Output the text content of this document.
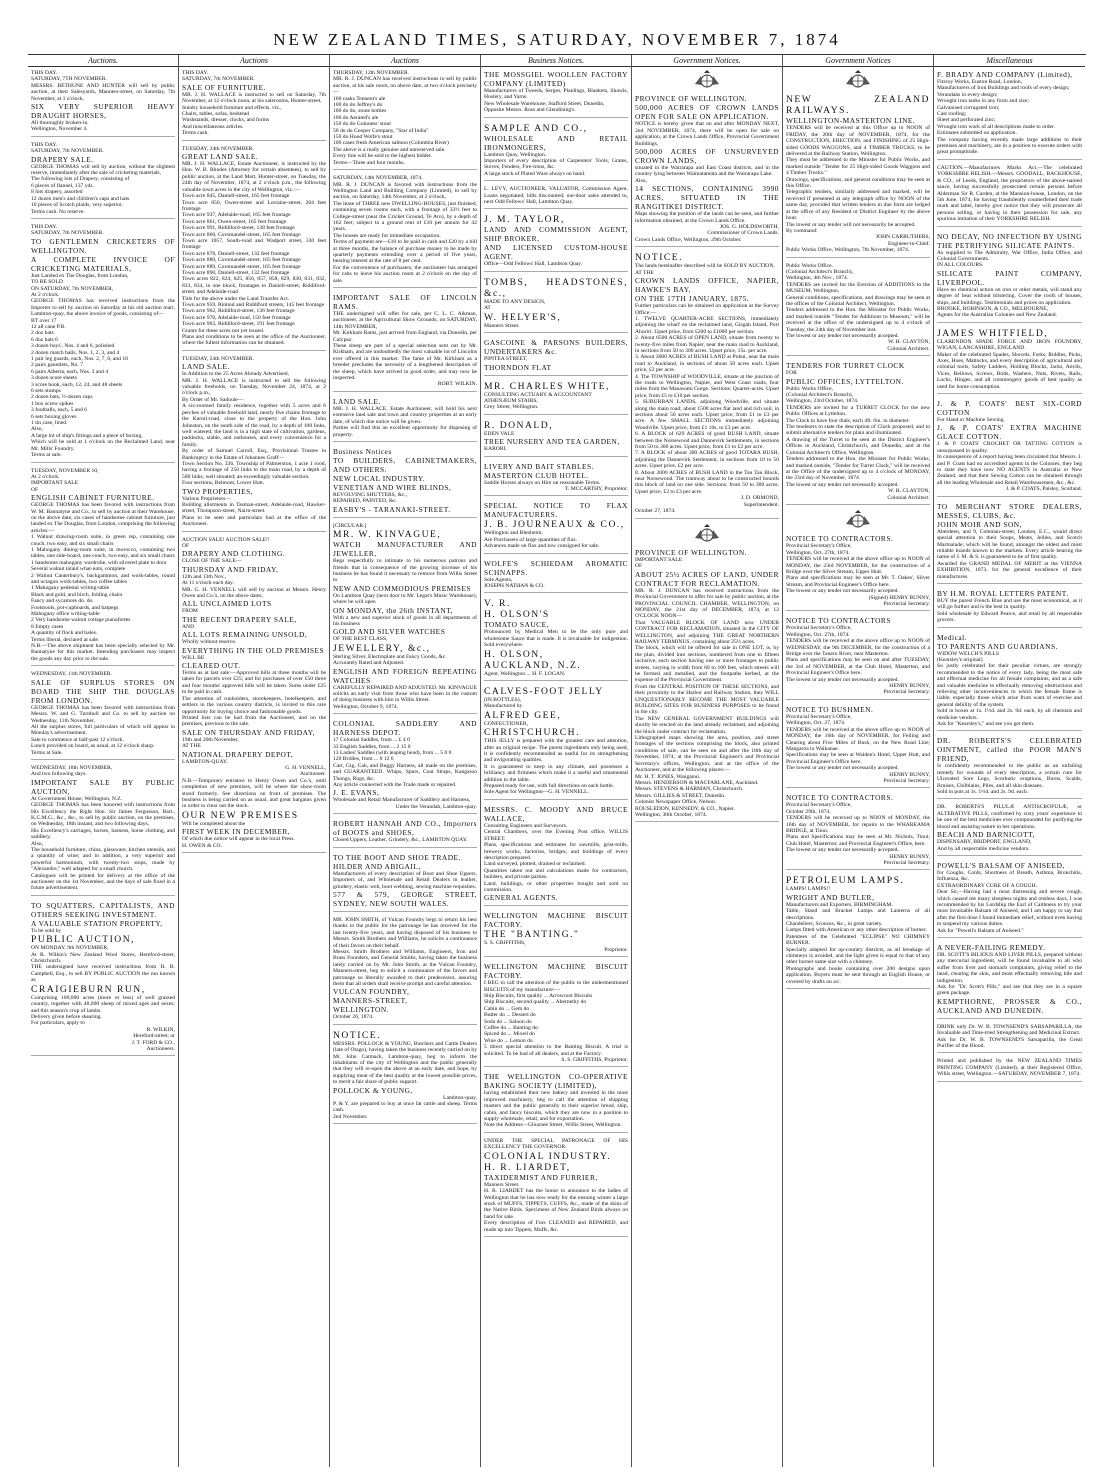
NEW ZEALAND TIMES, SATURDAY, NOVEMBER 7, 1874
Auctions.
THIS DAY.
SATURDAY, 7TH NOVEMBER.
MESSRS. BETHUNE AND HUNTER will sell by public auction, at their Salesyards, Manners-street, on Saturday, 7th November, at 1 o'clock,
SIX VERY SUPERIOR HEAVY DRAUGHT HORSES,
All thoroughly broken-in.
Wellington, November 4.
THIS DAY.
SATURDAY, 7th NOVEMBER.
DRAPERY SALE.
GEORGE THOMAS will sell by auction, without the slightest reserve, immediately after the sale of cricketing materials,
The following lots of Drapery, consisting of
6 pieces of flannel, 137 yds.
8 lots drapery, assorted
12 dozen men's and children's caps and hats
10 pieces of Scotch plaids, very superior.
Terms cash. No reserve.
THIS DAY.
SATURDAY, 7th NOVEMBER.
TO GENTLEMEN CRICKETERS OF WELLINGTON.
A COMPLETE INVOICE OF CRICKETING MATERIALS,
Just Landed ex The Douglas, from London,
TO BE SOLD
ON SATURDAY, 7th NOVEMBER,
At 2 o'clock.
GEORGE THOMAS has received instructions from the Importer to sell by auction on Saturday at his old auction mart, Lambton-quay, the above invoice of goods, consisting of—
BT over 17
12 all cane P.B.
2 doz bats
6 doz bats 6
3 dozen boys', Nos. 4 and 6, polished
2 dozen match balls, Nos. 1, 2, 3, and 4
1 pair leg guards, each, Nos. 2, 7, 8, and 10
2 pairs gauntlets, No. 7
6 pairs Alberta, each, Nos. 3 and 4
3 dozen score sheets
3 score book, each, 12, 24, and 48 sheets
6 sets stumps
2 dozen bats, ½-dozen caps
1 box screw spikes
3 footballs, each, 5 and 6
6 sets boxing gloves
1 tin case, lined.
Also,
A large lot of ship's fittings and a piece of boxing,
Which will be sold at 1 o'clock on the Reclaimed Land, near Mr. Mills' Foundry.
Terms at sale.
TUESDAY, NOVEMBER 10,
At 2 o'clock.
IMPORTANT SALE
OF
ENGLISH CABINET FURNITURE.
GEORGE THOMAS has been favored with instructions from W. M. Bannatyne and Co., to sell by auction at their Warehouse, on the above date, six cases of handsome cabinet furniture, just landed ex The Douglas, from London, comprising the following articles:—
1 Walnut drawing-room suite, in green rep, containing one couch, two easy, and six small chairs
1 Mahogany dining-room suite, in morocco, containing two tables, one side-board, one couch, two easy, and six small chairs
1 handsome mahogany wardrobe, with silvered plate to door
Several walnut inlaid what-nots, complete
2 Walnut Canterbury's, backgammon, and work-tables, round and octagon work-tables, two coffee tables
1 Mahogany pedestal writing-table
Black and gold, and birch, folding chairs
Fancy and sycamore do. do.
Footstools, pot-cupboards, and hatpegs
Mahogany office writing-table
2 Very handsome walnut cottage pianofortes
8 Empty cases
A quantity of flock and bales.
Terms liberal, declared at sale.
N.B.—The above shipment has been specially selected by Mr. Bannatyne for this market. Intending purchasers may inspect the goods any day prior to the sale.
WEDNESDAY, 11th NOVEMBER.
SALE OF SURPLUS STORES ON BOARD THE SHIP THE DOUGLAS FROM LONDON.
GEORGE THOMAS has been favored with instructions from Messrs. W. and G. Turnbull and Co. to sell by auction on Wednesday, 11th November,
All the surplus stores, full particulars of which will appear in Monday's advertisement.
Sale to commence at half-past 12 o'clock.
Lunch provided on board, as usual, at 12 o'clock sharp.
Terms at Sale.
WEDNESDAY, 18th NOVEMBER,
And two following days.
IMPORTANT SALE BY PUBLIC AUCTION,
At Government House, Wellington, N.Z.
GEORGE THOMAS has been honored with instructions from His Excellency the Right Hon. Sir James Fergusson, Bart., K.C.M.G., &c., &c., to sell by public auction, on the premises, on Wednesday, 18th instant, and two following days,
His Excellency's carriages, horses, harness, horse clothing, and saddlery.
Also,
The household furniture, china, glassware, kitchen utensils, and a quantity of wine; and in addition, a very superior and powerful harmonium, with twenty-two stops, made by "Alexandre," well adapted for a small church.
Catalogues will be printed for delivery at the office of the auctioneer on the 1st November, and the days of sale fixed in a future advertisement.
TO SQUATTERS, CAPITALISTS, AND OTHERS SEEKING INVESTMENT.
A VALUABLE STATION PROPERTY,
To be sold by
PUBLIC AUCTION,
ON MONDAY, 9th NOVEMBER,
At R. Wilkin's New Zealand Wool Stores, Hereford-street, Christchurch.
THE undersigned have received instructions from H. B. Campbell, Esq., to sell BY PUBLIC AUCTION the run known as
CRAIGIEBURN RUN,
Comprising 100,000 acres (more or less) of well grassed country, together with 48,000 sheep of mixed ages and sexes; and this season's crop of lambs.
Delivery given before shearing.
For particulars, apply to
R. WILKIN,
Hereford-street; or
J. T. FORD & CO.,
Auctioneers.
Auctions
THIS DAY.
SATURDAY, 7th NOVEMBER.
SALE OF FURNITURE.
MR. J. H. WALLACE is instructed to sell on Saturday, 7th November, at 12 o'clock noon, at his salerooms, Hunter-street,
Sundry household furniture and effects, viz.,
Chairs, tables, sofas, bedstead
Washstands, dresser, clocks, and forms
And miscellaneous articles.
Terms cash.
TUESDAY, 24th NOVEMBER.
GREAT LAND SALE.
MR. J. H. WALLACE, Estate Auctioneer, is instructed by the Hon. W. B. Rhodes (Attorney for certain absentees), to sell by public auction, at the Land Mart, Hunter-street, on Tuesday, the 24th day of November, 1874, at 2 o'clock p.m., the following valuable town acres in the city of Wellington, viz.:—
Town acre 845, Daniell-street, 165 feet frontage
Town acre 850, Owen-street and Lorraine-street, 264 feet frontage
Town acre 937, Adelaide-road, 165 feet frontage
Town acre 861, Owen-street, 165 feet frontage
Town acre 991, Riddiford-street, 138 feet frontage
Town acre 860, Coromandel-street, 165 feet frontage
Town acre 1057, South-road and Wadport street, 330 feet frontage
Town acre 878, Daniell-street, 132 feet frontage
Town acre 880, Coromandel-street, 165 feet frontage
Town acre 889, Coromandel-street, 165 feet frontage
Town acre 890, Daniell-street, 132 feet frontage
Town acres 822, 824, 825, 856, 857, 858, 829, 830, 831, 832, 833, 834, in one block, frontages to Daniell-street, Riddiford-street, and Adelaide-road
Title for the above under the Land Transfer Act.
Town acre 959, Rintoul and Riddiford streets, 145 feet frontage
Town acre 962, Riddiford-street, 136 feet frontage
Town acre 970, Adelaide-road, 150 feet frontage
Town acre 963, Riddiford-street, 191 feet frontage
Grants for these acres not yet issued.
Plans and conditions to be seen at the office of the Auctioneer, where the fullest information can be obtained.
TUESDAY, 24th NOVEMBER.
LAND SALE.
In Addition to the 25 Acres Already Advertised,
MR. J. H. WALLACE is instructed to sell the following valuable freeholds, on Tuesday, November 24, 1874, at 2 o'clock p.m.,
By Order of Mr. Sadoule—
A six-roomed family residence, together with 5 acres and 6 perches of valuable freehold land, nearly five chains frontage to the Karori-road, close to the property of the Hon. John Johnston, on the south side of the road, by a depth of 100 links, well watered; the land is in a high state of cultivation, gardens, paddocks, stable, and outhouses, and every convenience for a family.
By order of Samuel Carroll, Esq., Provisional Trustee in Bankruptcy in the Estate of Johannes Graff—
Town Section No. 336, Township of Palmerston, 1 acre 1 rood, having a frontage of 250 links to the main road, by a depth of 500 links, well situated; an exceedingly valuable section.
Four sections, Belmont, Lower Hutt.
TWO PROPERTIES,
Various Proprietors—
Building allotments in Tasman-street, Adelaide-road, Hawker-street, Thompson-street, Nairn-street.
Plans to be seen and particulars had at the office of the Auctioneer.
AUCTION SALE! AUCTION SALE!!
OF
DRAPERY AND CLOTHING.
CLOSE OF THE SALE—
THURSDAY AND FRIDAY,
12th and 13th Nov.,
At 11 o'clock each day.
MR. G. H. VENNELL will sell by auction at Messrs. Henry Owen and Co.'s, on the above dates,
ALL UNCLAIMED LOTS
FROM
THE RECENT DRAPERY SALE,
AND
ALL LOTS REMAINING UNSOLD,
Wholly without reserve.
EVERYTHING IN THE OLD PREMISES
WILL BE
CLEARED OUT.
Terms as at last sale:—Approved bills at three months will be taken for parcels over £25; and for purchases of over £50 three and four months' approved bills will be taken. Sums under £25 to be paid in cash.
The attention of runholders, storekeepers, hotelkeepers, and settlers in the various country districts, is invited to this rare opportunity for buying choice and fashionable goods.
Printed lists can be had from the Auctioneer, and on the premises, previous to the sale.
SALE ON THURSDAY AND FRIDAY,
19th and 20th November,
AT THE
NATIONAL DRAPERY DEPOT,
LAMBTON-QUAY.
G. H. VENNELL,
Auctioneer.
N.B.—Temporary entrance to Henry Owen and Co.'s, until completion of new premises, will be where the show-room stood formerly. See directions on front of premises. The business is being carried on as usual, and great bargains given in order to clear out the stock.
OUR NEW PREMISES
Will be completed about the
FIRST WEEK IN DECEMBER,
Of which due notice will appear in the local Press.
H. OWEN & CO.
Auctions
THURSDAY, 12th NOVEMBER.
MR. R. J. DUNCAN has received instructions to sell by public auction, at his sale room, on above date, at two o'clock precisely—
100 casks Tennent's ale
100 do do Jeffrey's do
100 do do, stone bottles
100 do Aerated's ale
150 do do Guinness' stout
50 do do Cooper Company, "Star of India"
150 do Hood Wolfe's stout
100 cases fresh American salmon (Columbia River)
The above is a really genuine and unreserved sale.
Every line will be sold to the highest bidder.
Terms—Three and four months.
SATURDAY, 14th NOVEMBER, 1874.
MR. R. J. DUNCAN is favored with instructions from the Wellington Land and Building Company (Limited), to sell by auction, on Saturday, 14th November, at 2 o'clock,
The lease of THREE new DWELLING-HOUSES, just finished, containing seven rooms each, with a frontage of 33½ feet to College-street (near the Cricket Ground, Te Aro), by a depth of 162 feet; subject to a ground rent of £10 per annum for 42 years.
The houses are ready for immediate occupation.
Terms of payment are—£10 to be paid in cash and £20 by a bill at three months, the balance of purchase money to be made by quarterly payments extending over a period of five years, bearing interest at the rate of 8 per cent.
For the convenience of purchasers, the auctioneer has arranged for cabs to leave his auction room at 2 o'clock on the day of sale.
IMPORTANT SALE OF LINCOLN RAMS.
THE undersigned will offer for sale, per C. L. C. Aikman, auctioneer, at the Agricultural Show Grounds, on SATURDAY, 14th NOVEMBER,
Mr. Kirkham Rams, just arrived from England, via Dunedin, per Calypso.
These sheep are part of a special selection sent out by Mr. Kirkham, and are undoubtedly the most valuable lot of Lincolns ever offered in this market. The fame of Mr. Kirkham as a breeder precludes the necessity of a lengthened description of the sheep, which have arrived in good order, and may now be inspected.
ROBT. WILKIN.
LAND SALE.
MR. J. H. WALLACE, Estate Auctioneer, will hold his next extensive land sale and town and country properties at an early date, of which due notice will be given.
Parties will find this an excellent opportunity for disposing of property.
Business Notices
TO BUILDERS, CABINETMAKERS, AND OTHERS.
NEW LOCAL INDUSTRY.
VENETIAN AND WIRE BLINDS,
REVOLVING SHUTTERS, &c.,
REPAIRED, PAINTED, &c.
EASBY'S - TARANAKI-STREET.
[CIRCULAR.]
MR. W. KINVAGUE,
WATCH MANUFACTURER AND JEWELLER,
Begs respectfully to intimate to his numerous patrons and friends that in consequence of the growing increase of his business he has found it necessary to remove from Willis Street to
NEW AND COMMODIOUS PREMISES
On Lambton Quay (next door to Mr. Legat's Music Warehouse), where he will open
ON MONDAY, the 26th INSTANT,
With a new and superior stock of goods in all departments of his business
GOLD AND SILVER WATCHES
OF THE BEST CLASS,
JEWELLERY, &c.,
Sterling Silver, Electroplate and Fancy Goods, &c.
Accurately Rated and Adjusted.
ENGLISH AND FOREIGN REPEATING WATCHES
CAREFULLY REPAIRED AND ADJUSTED. Mr. KINVAGUE solicits an early visit from those who have been in the custom of doing business with him in Willis Street.
Wellington, October 9, 1874.
COLONIAL SADDLERY AND HARNESS DEPOT.
17 Colonial Saddles, from ... £ 4 0
33 English Saddles, from ... 2 15 0
13 Ladies' Saddles (with leaping head), from ... 5 0 0
120 Bridles, from ... 0 12 6
Cart, Gig, Cab, and Buggy Harness, all made on the premises, and GUARANTEED. Whips, Spurs, Coat Straps, Kangaroo Thongs, Rugs, &c.
Any article connected with the Trade made or repaired.
J. E. EVANS,
Wholesale and Retail Manufacturer of Saddlery and Harness,
Under the Verandah, Lambton-quay.
ROBERT HANNAH AND CO., Importers of BOOTS and SHOES,
Closed Uppers, Leather, Grindery, &c., LAMBTON QUAY.
TO THE BOOT AND SHOE TRADE.
HILDER AND ABIGAIL,
Manufacturers of every description of Boot and Shoe Uppers, Importers of, and Wholesale and Retail Dealers in leather, grindery, elastic web, boot webbing, sewing machine requisites.
577 & 579, GEORGE STREET, SYDNEY, NEW SOUTH WALES.
MR. JOHN SMITH, of Vulcan Foundry begs to return his best thanks to the public for the patronage he has received for the last twenty-five years, and having disposed of his business to Messrs. Smith Brothers and Williams, he solicits a continuance of their favors on their behalf.
Messrs. Smith Brothers and Williams, Engineers, Iron and Brass Founders, and General Smiths, having taken the business lately carried on by Mr. John Smith, at the Vulcan Foundry, Manners-street, beg to solicit a continuance of the favors and patronage so liberally awarded to their predecessor, assuring them that all orders shall receive prompt and careful attention.
VULCAN FOUNDRY,
MANNERS-STREET,
WELLINGTON.
October 26, 1874.
NOTICE.
MESSRS. POLLOCK & YOUNG, Butchers and Cattle Dealers (late of Otago), having taken the business recently carried on by Mr. John Carmack, Lambton-quay, beg to inform the inhabitants of the city of Wellington and the public generally that they will re-open the above at an early date, and hope, by supplying meat of the best quality at the lowest possible prices, to merit a fair share of public support.
POLLOCK & YOUNG,
Lambton-quay.
P. & Y. are prepared to buy at once fat cattle and sheep. Terms cash.
2nd November.
Business Notices.
THE MOSSGIEL WOOLLEN FACTORY COMPANY (LIMITED)
Manufacturers of Tweeds, Serges, Plaidings, Blankets, Shawls, Hosiery, and Yarns.
New Wholesale Warehouse, Stafford Street, Dunedin,
Opposite Messrs. Ross and Glendining's.
SAMPLE AND CO.,
WHOLESALE AND RETAIL IRONMONGERS,
Lambton Quay, Wellington.
Importers of every description of Carpenters' Tools, Grates, Stoves, Fenders, Fire-irons, &c.
A large stock of Plated Ware always on hand.
L. LEVY, AUCTIONEER, VALUATOR, Commission Agent. Loans negotiated; bills discounted; out-door sales attended to, next Odd Fellows' Hall, Lambton Quay.
J. M. TAYLOR,
LAND AND COMMISSION AGENT, SHIP BROKER,
AND LICENSED CUSTOM-HOUSE AGENT.
Office—Odd Fellows' Hall, Lambton Quay.
TOMBS, HEADSTONES, &c.,
MADE TO ANY DESIGN,
AT
W. HELYER'S,
Manners Street.
GASCOINE & PARSONS BUILDERS, UNDERTAKERS &c.
PIPITEA STREET,
THORNDON FLAT
MR. CHARLES WHITE,
CONSULTING ACTUARY & ACCOUNTANT
ATHENÆUM STAIRS,
Grey Street, Wellington.
R. DONALD,
EDEN VALE
TREE NURSERY AND TEA GARDEN,
KARORI.
LIVERY AND BAIT STABLES.
MASTERTON CLUB HOTEL.
Saddle Horses always on Hire on reasonable Terms.
T. MCCARTHY, Proprietor.
SPECIAL NOTICE TO FLAX MANUFACTURERS.
J. B. JOURNEAUX & CO.,
Wellington and Blenheim,
Are Purchasers of large quantities of flax.
Advances made on flax and tow consigned for sale.
WOLFE'S SCHIEDAM AROMATIC SCHNAPPS.
Sole Agents,
JOSEPH NATHAN & CO.
V. R.
H. OLSON'S
TOMATO SAUCE,
Pronounced by Medical Men to be the only pure and wholesome Sauce that is made. It is invaluable for indigestion. Sold everywhere.
H. OLSON,
AUCKLAND, N.Z.
Agent, Wellington ... H. F. LOGAN.
CALVES-FOOT JELLY
(IN BOTTLES),
Manufactured by
ALFRED GEE,
CONFECTIONER,
CHRISTCHURCH.
THIS JELLY is prepared with the greatest care and attention, after an original recipe. The purest ingredients only being used, it is confidently recommended as useful for its strengthening and invigorating qualities.
It is guaranteed to keep in any climate, and possesses a brilliancy and firmness which make it a useful and ornamental addition to the table.
Prepared ready for use, with full directions on each bottle.
Sole Agent for Wellington—G. H. VENNELL.
MESSRS. C. MOODY AND BRUCE WALLACE,
Consulting Engineers and Surveyors.
Central Chambers, over the Evening Post office, WILLIS STREET.
Plans, specifications and estimates for sawmills, grist-mills, brewery works, factories, bridges, and buildings of every description prepared.
Land surveyed, plotted, drained or reclaimed.
Quantities taken out and calculations made for contractors, builders, and private parties.
Land, buildings, or other properties bought and sold on commission.
GENERAL AGENTS.
WELLINGTON MACHINE BISCUIT FACTORY.
THE "BANTING."
S. S. GRIFFITHS,
Proprietor.
WELLINGTON MACHINE BISCUIT FACTORY.
I BEG to call the attention of the public to the undermentioned BISCUITS of my manufacture:—
Ship Biscuits, first quality ... Arrowroot Biscuits
Ship Biscuits, second quality ... Abernethy do
Cabin do ... Gem do
Butter do ... Dessert do
Soda do ... Saloon do
Coffee do ... Banting do
Spiced do ... Mixed do
Wine do ... Lemon do
5 direct special attention to the Banting Biscuit. A trial is solicited. To be had of all dealers, and at the Factory.
S. S. GRIFFITHS, Proprietor.
THE WELLINGTON CO-OPERATIVE BAKING SOCIETY (LIMITED),
having established their new bakery and invested in the most improved machinery, beg to call the attention of shipping masters and the public generally to their superior bread, ship, cabin, and fancy biscuits, which they are now in a position to supply wholesale, retail, and for exportation.
Note the Address—Ghuznee Street, Willis Street, Wellington.
UNDER THE SPECIAL PATRONAGE OF HIS EXCELLENCY THE GOVERNOR.
COLONIAL INDUSTRY.
H. R. LIARDET,
TAXIDERMIST AND FURRIER,
Manners Street.
H. R. LIARDET has the honor to announce to the ladies of Wellington that he has now ready for the ensuing winter a large stock of MUFFS, TIPPETS, CUFFS, &c., made of the skins of the Native Birds. Specimens of New Zealand Birds always on hand for sale.
Every description of Furs CLEANED and REPAIRED, and made up into Tippets, Muffs, &c.
Government Notices.
PROVINCE OF WELLINGTON.
500,000 ACRES OF CROWN LANDS OPEN FOR SALE ON APPLICATION.
NOTICE is hereby given that on and after MONDAY NEXT, 2nd NOVEMBER, 1874, there will be open for sale on application, at the Crown Lands Office, Provincial Government Buildings,
500,000 ACRES OF UNSURVEYED CROWN LANDS,
situated in the Wairarapa and East Coast districts, and in the country lying between Waimatamata and the Wairarapa Lake.
Also,
14 SECTIONS, CONTAINING 3990 ACRES, SITUATED IN THE RANGITIKEI DISTRICT.
Maps showing the position of the lands can be seen, and further information obtained, at the Crown Lands Office.
JOS. G. HOLDSWORTH,
Commissioner of Crown Lands.
Crown Lands Office, Wellington, 29th October.
NOTICE.
The lands hereinafter described will be SOLD BY AUCTION,
AT THE
CROWN LANDS OFFICE, NAPIER, HAWKE'S BAY,
ON THE 17TH JANUARY, 1875.
Further particulars can be obtained on application at the Survey Office:—
1. TWELVE QUARTER-ACRE SECTIONS, immediately adjoining the wharf on the reclaimed land, Gisgah Island, Port Ahuriri. Upset price, from £200 to £1000 per section.
2. About 6500 ACRES of OPEN LAND, situate from twenty to twenty-five miles from Napier, near the main road to Auckland, in sections from 50 to 300 acres. Upset price, 15s. per acre.
3. About 3000 ACRES of BUSH LAND at Pohui, near the main road to Auckland, in sections of about 50 acres each. Upset price, £2 per acre.
4. The TOWNSHIP of WOODVILLE, situate at the junction of the roads to Wellington, Napier, and West Coast roads, four miles from the Manawatu Gorge. Sections: Quarter-acres. Upset price, from £5 to £10 per section.
5. SUBURBAN LANDS, adjoining Woodville, and situate along the main road; about 1500 acres flat land and rich soil, in sections about 50 acres each. Upset price, from £1 to £3 per acre. A few SMALL SECTIONS immediately adjoining Woodville. Upset price, from £1 10s. to £3 per acre.
6. A BLOCK of 629 ACRES of good BUSH LAND, situate between the Norsewood and Dannevirk Settlements, in sections from 50 to 300 acres. Upset price, from £1 to £2 per acre.
7. A BLOCK of about 300 ACRES of good TOTARA BUSH, adjoining the Dannevirk Settlement, in sections from 10 to 50 acres. Upset price, £2 per acre.
8. About 2000 ACRES of BUSH LAND in the Tau Tau Block, near Norsewood. The tramway about to be constructed bounds this block of land on one side. Sections: from 50 to 300 acres. Upset price, £2 to £3 per acre.
J. D. ORMOND,
Superintendent.
October 27, 1874.
PROVINCE OF WELLINGTON.
IMPORTANT SALE
OF
ABOUT 25½ ACRES OF LAND, UNDER CONTRACT FOR RECLAMATION.
MR. R. J. DUNCAN has received instructions from the Provincial Government to offer for sale by public auction, at the PROVINCIAL COUNCIL CHAMBER, WELLINGTON, on MONDAY, the 21st day of DECEMBER, 1874, at 12 O'CLOCK NOON—
That VALUABLE BLOCK OF LAND now UNDER CONTRACT FOR RECLAMATION, situated in the CITY OF WELLINGTON, and adjoining THE GREAT NORTHERN RAILWAY TERMINUS, containing about 25½ acres.
The block, which will be offered for sale in ONE LOT, is, by the plan, divided into sections, numbered from one to fifteen inclusive, each section having one or more frontages to public streets, varying in width from 60 to 100 feet, which streets will be formed and metalled, and the footpaths kerbed, at the expense of the Provincial Government.
From the CENTRAL POSITION OF THESE SECTIONS, and their proximity to the Harbor and Railway Station, they WILL UNQUESTIONABLY BECOME THE MOST VALUABLE BUILDING SITES FOR BUSINESS PURPOSES to be found in the city.
The NEW GENERAL GOVERNMENT BUILDINGS will shortly be erected on the land already reclaimed, and adjoining the block under contract for reclamation.
Lithographed maps showing the area, position, and street frontages of the sections comprising the block, also printed conditions of sale, can be seen on and after the 10th day of November, 1874, at the Provincial Engineer's and Provincial Secretary's offices, Wellington, and at the office of the Auctioneer, and at the following places:—
Mr. H. T. JONES, Wanganui.
Messrs. HENDERSON & MACFARLANE, Auckland.
Messrs. STEVENS & HARMAN, Christchurch.
Messrs. GILLIES & STREET, Dunedin.
Colonist Newspaper Office, Nelson.
ROUSLEDON, KENNEDY, & CO., Napier.
Wellington, 30th October, 1874.
Government Notices
NEW ZEALAND RAILWAYS.
WELLINGTON-MASTERTON LINE.
TENDERS will be received at this Office up to NOON of FRIDAY, the 20th day of NOVEMBER, 1874, for the CONSTRUCTION, ERECTION, and FINISHING of 25 High-sided GOODS WAGGONS, and 4 TIMBER TRUCKS, to be delivered at the Railway Station, Wellington.
They must be addressed to the Minister for Public Works, and marked outside "Tender for 25 High-sided Goods Waggons and 4 Timber Trucks."
Drawings, specifications, and general conditions may be seen at this Office.
Telegraphic tenders, similarly addressed and marked, will be received if presented at any telegraph office by NOON of the same day, provided that written tenders in due form are lodged at the office of any Resident or District Engineer by the above hour.
The lowest or any tender will not necessarily be accepted.
By command:
JOHN CARRUTHERS,
Engineer-in-Chief.
Public Works Office, Wellington, 7th November, 1874.
Public Works Office.
(Colonial Architect's Branch),
Wellington, 4th Nov., 1874.
TENDERS are invited for the Erection of ADDITIONS to the MUSEUM, Wellington.
General conditions, specifications, and drawings may be seen at the offices of the Colonial Architect, Wellington.
Tenders addressed to the Hon. the Minister for Public Works, and marked outside "Tender for Additions to Museum," will be received at the office of the undersigned up to 4 o'clock of Tuesday, the 24th day of November inst.
The lowest or any tender not necessarily accepted.
W. H. CLAYTON,
Colonial Architect.
TENDERS FOR TURRET CLOCK
FOR
PUBLIC OFFICES, LYTTELTON.
Public Works Office,
(Colonial Architect's Branch),
Wellington, 23rd October, 1874.
TENDERS are invited for a TURRET CLOCK for the new Public Offices at Lyttelton.
The Clock to have four dials, each 4ft. 6in. in diameter.
The tenderers to state the description of Clock proposed, and to submit alternative tenders for plain and illuminated.
A drawing of the Turret to be seen at the District Engineer's Offices in Auckland, Christchurch, and Dunedin, and at the Colonial Architect's Office, Wellington.
Tenders addressed to the Hon. the Minister for Public Works, and marked outside, "Tender for Turret Clock," will be received at the Office of the undersigned up to 4 o'clock of MONDAY, the 23rd day of November, 1874.
The lowest or any tender not necessarily accepted.
W. H. CLAYTON,
Colonial Architect.
NOTICE TO CONTRACTORS.
Provincial Secretary's Office,
Wellington, Oct. 27th, 1874.
TENDERS will be received at the above office up to NOON of MONDAY, the 23rd NOVEMBER, for the construction of a Bridge over the Silver Stream, Upper Hutt.
Plans and specifications may be seen at Mr. T. Oakes', Silver Stream, and Provincial Engineer's Office here.
The lowest or any tender not necessarily accepted.
(Signed) HENRY BUNNY,
Provincial Secretary.
NOTICE TO CONTRACTORS
Provincial Secretary's Office,
Wellington, Oct. 27th, 1874.
TENDERS will be received at the above office up to NOON of WEDNESDAY, the 9th DECEMBER, for the construction of a Bridge over the Taueru River, near Masterton.
Plans and specifications may be seen on and after TUESDAY, the 3rd of NOVEMBER, at the Club Hotel, Masterton, and Provincial Engineer's Office here.
The lowest or any tender not necessarily accepted.
HENRY BUNNY,
Provincial Secretary.
NOTICE TO BUSHMEN.
Provincial Secretary's Office,
Wellington, Oct. 27, 1874.
TENDERS will be received at the above office up to NOON of MONDAY, the 16th day of NOVEMBER, for Felling and Clearing about Five Miles of Bush, on the New Road Line, Mangaroa to Waikanae.
Specifications may be seen at Walden's Hotel, Upper Hutt, and Provincial Engineer's Office here.
The lowest or any tender not necessarily accepted.
HENRY BUNNY,
Provincial Secretary.
NOTICE TO CONTRACTORS.
Provincial Secretary's Office,
October 29th, 1874.
TENDERS will be received up to NOON of MONDAY, the 16th day of NOVEMBER, for repairs to the WHAREAMA BRIDGE, at Tinui.
Plans and Specifications may be seen at Mr. Nichols, Tinui; Club Hotel, Masterton; and Provincial Engineer's Office, here.
The lowest or any tender not necessarily accepted.
HENRY BUNNY,
Provincial Secretary.
PETROLEUM LAMPS.
LAMPS! LAMPS!!
WRIGHT AND BUTLER,
Manufacturers and Exporters, BIRMINGHAM.
Table, Stand and Bracket Lamps and Lanterns of all descriptions.
Chandeliers, Sconces, &c., in great variety.
Lamps fitted with American or any other description of burner.
Patentees of the Celebrated "ECLIPSE" NO CHIMNEY BURNER.
Specially adapted for up-country districts, as all breakage of chimneys is avoided, and the light given is equal to that of any other burner same size with a chimney.
Photographs and books containing over 200 designs upon application. Buyers must be sent through an English House, or covered by drafts on a/c.
Miscellaneous
F. BRADY AND COMPANY (Limited),
Fitzroy Works, Euston Road, London,
Manufacturers of Iron Buildings and roofs of every design;
Verandahs in every design;
Wrought iron tanks in any form and size;
Galvanised corrugated iron;
Cast roofing;
Sheet and perforated zinc;
Wrought iron work of all descriptions made to order.
Estimates submitted on application.
The company having recently made large additions to their premises and machinery, are in a position to execute orders with great promptitude.
CAUTION.—Manufactures Marks Act.—The celebrated YORKSHIRE RELISH.—Messrs. GOODALL, BACKHOUSE, & CO., of Leeds, England, the proprietors of the above-named sauce, having successfully prosecuted certain persons before Alderman Sir R. Carden, at the Mansion-house, London, on the 5th June, 1874, for having fraudulently counterfeited their trade mark and label, hereby give notice that they will prosecute all persons selling, or having in their possession for sale, any spurious imitation of their YORKSHIRE RELISH.
NO DECAY, NO INFECTION BY USING THE PETRIFYING SILICATE PAINTS.
As supplied to The Admiralty, War Office, India Office, and Colonial Governments.
IN ALL COLOURS.
SILICATE PAINT COMPANY, LIVERPOOL.
Have no chemical action on iron or other metals, will stand any degree of heat without blistering. Cover the roofs of houses, ships, and buildings. Testimonials and prices on application.
BROOKE, ROBINSON, & CO., MELBOURNE,
Agents for the Australian Colonies and New Zealand.
JAMES WHITFIELD,
CLARENDON SPADE FORGE AND IRON FOUNDRY, WIGAN, LANCASHIRE, ENGLAND.
Maker of the celebrated Spades, Shovels, Forks, Riddles, Picks, Axes, Hoes, Mattocks, and every description of agricultural and colonial tools, Safety Ladders, Holding Blocks, Jacks, Anvils, Vices, Bellows, Screws, Bolts, Washers, Nuts, Rivets, Rails, Locks, Hinges, and all ironmongery goods of best quality as used for home consumption.
J. & P. COATS' BEST SIX-CORD COTTON
For Hand or Machine Sewing.
J. & P. COATS' EXTRA MACHINE GLACE COTTON.
J. & P. COATS' CROCHET OR TATTING COTTON is unsurpassed in quality.
In consequence of a report having been circulated that Messrs. J. and P. Coats had no accredited agents in the Colonies, they beg to state they have now NO AGENTS in Australia or New Zealand, and that their Sewing Cotton can be obtained through all the leading Wholesale and Retail Warehousemen, &c., &c.
J. & P. COATS, Paisley, Scotland.
TO MERCHANT STORE DEALERS, MESSES, CLUBS, &c.
JOHN MOIR AND SON,
Aberdeen, and 9, Coleman-street, London, E.C., would direct special attention to their Soups, Meats, Jellies, and Scotch Marmalade; which will be found, amongst the oldest and most reliable brands known in the markets. Every article bearing the name of J. M. & S. is guaranteed to be of first quality.
Awarded the GRAND MEDAL OF MERIT at the VIENNA EXHIBITION, 1873, for the general excellence of their manufactures.
BY H.M. ROYAL LETTERS PATENT.
BUY the purest French Blue and use the most economical, as it will go further and is the best in quality.
Sold wholesale by Edward Pearce, and retail by all respectable grocers.
Medical.
TO PARENTS AND GUARDIANS.
WIDOW WELCH'S PILLS
(Kearsley's original)
So justly celebrated for their peculiar virtues, are strongly recommended to the notice of every lady, being the most safe and effectual medicine for all female complaints, and as a safe and valuable medicine in effectually removing obstructions and relieving other inconveniences to which the female frame is liable, especially those which arise from want of exercise and general debility of the system.
Sold in boxes at 1s. 1½d. and 2s. 9d. each, by all chemists and medicine vendors.
Ask for "Kearsley's," and see you get them.
DR. ROBERTS'S CELEBRATED OINTMENT, called the POOR MAN'S FRIEND,
Is confidently recommended to the public as an unfailing remedy for wounds of every description, a certain cure for Ulcerated Sore Legs, Scorbutic eruptions, Burns, Scalds, Bruises, Chilblains, Piles, and all skin diseases.
Sold in pots at 1s. 1½d. and 2s. 9d. each.
DR. ROBERTS'S PILULÆ ANTISCROFULÆ, or ALTERATIVE PILLS, confirmed by sixty years' experience to be one of the best medicines ever compounded for purifying the blood and assisting nature in her operations.
BEACH AND BARNICOTT,
DISPENSARY, BRIDPORT, ENGLAND,
And by all respectable medicine vendors.
POWELL'S BALSAM OF ANISEED,
for Coughs, Colds, Shortness of Breath, Asthma, Bronchitis, Influenza, &c.
EXTRAORDINARY CURE OF A COUGH.
Dear Sir,—Having had a most distressing and severe cough, which caused me many sleepless nights and restless days, I was recommended by his Lordship the Earl of Caithness to try your most invaluable Balsam of Aniseed, and I am happy to say that after the first dose I found immediate relief, without even having to suspend my various duties.
Ask for "Powell's Balsam of Aniseed."
A NEVER-FAILING REMEDY.
DR. SCOTT'S BILIOUS AND LIVER PILLS, prepared without any mercurial ingredient, will be found invaluable to all who suffer from liver and stomach complaints, giving relief to the head, clearing the skin, and most effectually removing bile and indigestion.
Ask for "Dr. Scott's Pills," and see that they are in a square green package.
KEMPTHORNE, PROSSER & CO., AUCKLAND AND DUNEDIN.
DRINK only Dr. W. B. TOWNSEND'S SARSAPARILLA, the Invaluable and Time-tried Strengthening and Medicinal Extract.
Ask for Dr. W. B. TOWNSEND'S Sarsaparilla, the Great Purifier of the Blood.
Printed and published by the NEW ZEALAND TIMES PRINTING COMPANY (Limited), at their Registered Office, Willis street, Wellington.—SATURDAY, NOVEMBER 7, 1874.
